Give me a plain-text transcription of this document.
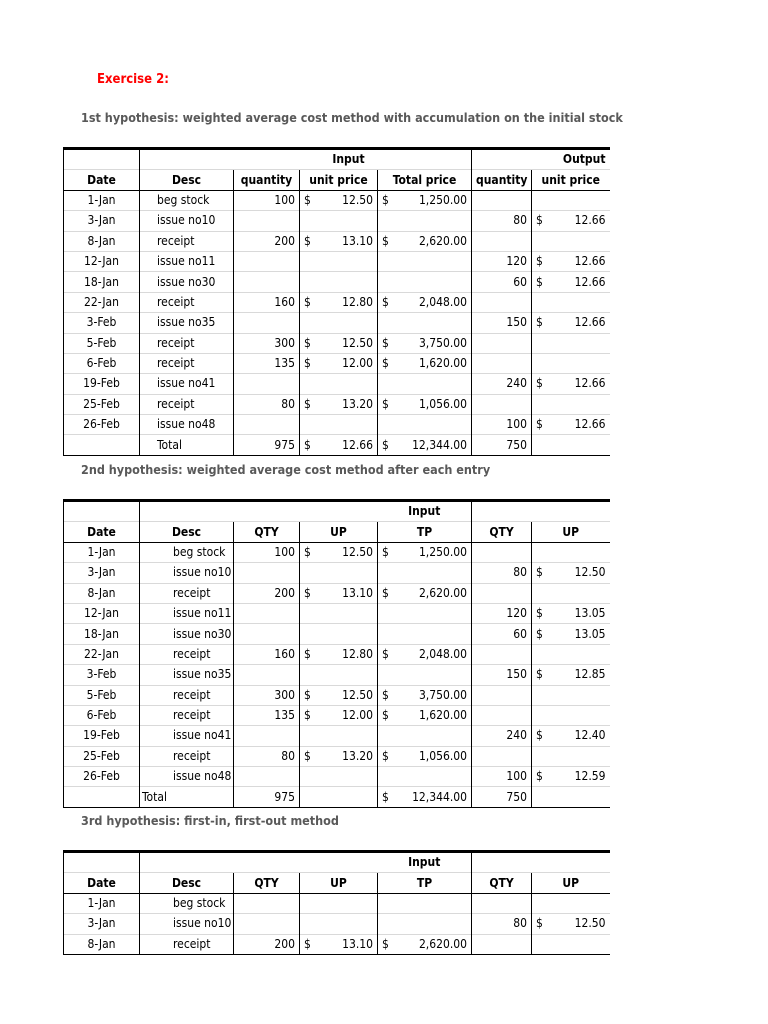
Exercise 2:
1st hypothesis: weighted average cost method with accumulation on the initial stock
			Input			Output
Date	Desc	quantity	unit price	Total price	quantity	unit price
1-Jan	beg stock	100	$ 12.50	$ 1,250.00		

3-Jan	issue no10				80	$ 12.66

8-Jan	receipt	200	$ 13.10	$ 2,620.00		

12-Jan	issue no11				120	$ 12.66

18-Jan	issue no30				60	$ 12.66

22-Jan	receipt	160	$ 12.80	$ 2,048.00		

3-Feb	issue no35				150	$ 12.66

5-Feb	receipt	300	$ 12.50	$ 3,750.00		

6-Feb	receipt	135	$ 12.00	$ 1,620.00		

19-Feb	issue no41				240	$ 12.66

25-Feb	receipt	80	$ 13.20	$ 1,056.00		

26-Feb	issue no48				100	$ 12.66

	Total	975	$ 12.66	$ 12,344.00	750	
2nd hypothesis: weighted average cost method after each entry
				Input		
Date	Desc	QTY	UP	TP	QTY	UP
1-Jan	beg stock	100	$ 12.50	$ 1,250.00		

3-Jan	issue no10				80	$ 12.50

8-Jan	receipt	200	$ 13.10	$ 2,620.00		

12-Jan	issue no11				120	$ 13.05

18-Jan	issue no30				60	$ 13.05

22-Jan	receipt	160	$ 12.80	$ 2,048.00		

3-Feb	issue no35				150	$ 12.85

5-Feb	receipt	300	$ 12.50	$ 3,750.00		

6-Feb	receipt	135	$ 12.00	$ 1,620.00		

19-Feb	issue no41				240	$ 12.40

25-Feb	receipt	80	$ 13.20	$ 1,056.00		

26-Feb	issue no48				100	$ 12.59

	Total	975		$ 12,344.00	750	
3rd hypothesis: first-in, first-out method
				Input		
Date	Desc	QTY	UP	TP	QTY	UP
1-Jan	beg stock					
3-Jan	issue no10				80	$ 12.50

8-Jan	receipt	200	$ 13.10	$ 2,620.00		
